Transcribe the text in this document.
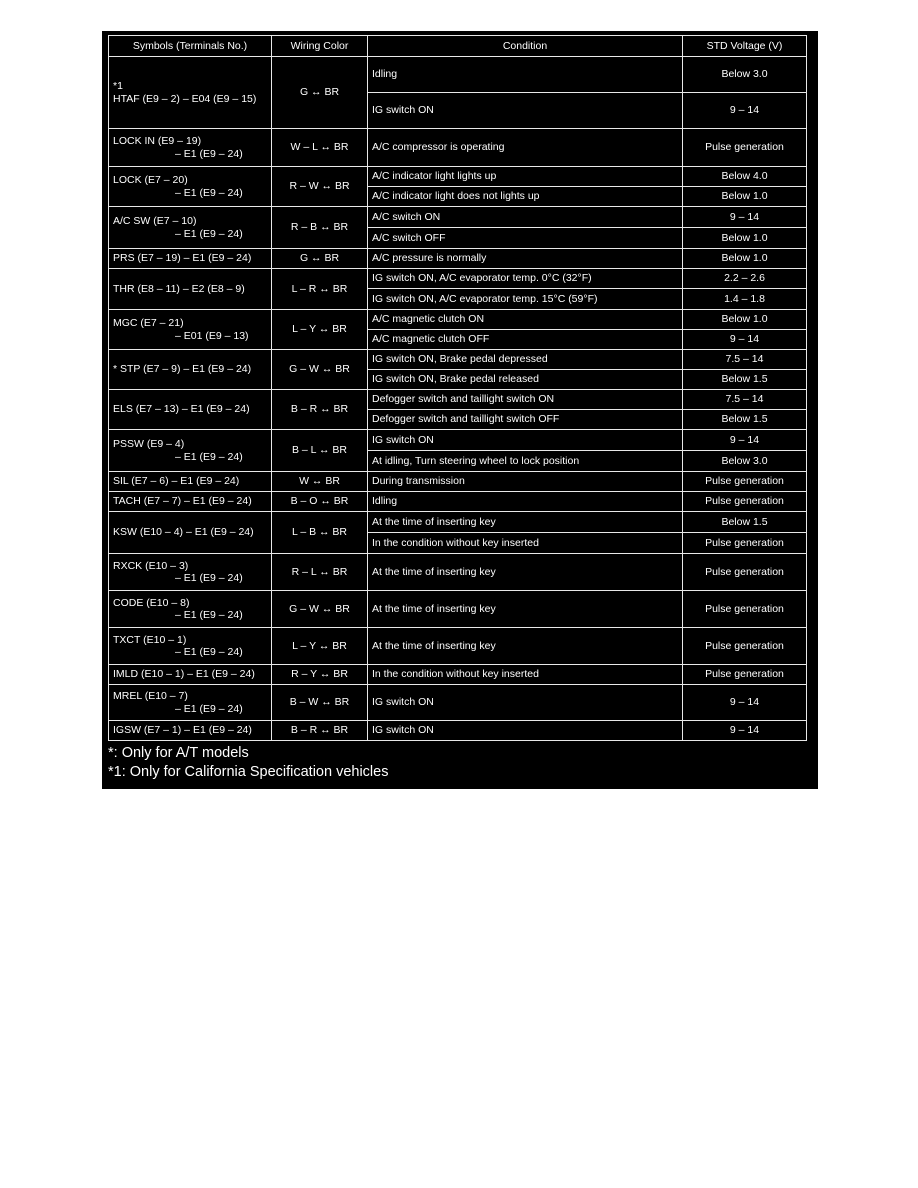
Symbols (Terminals No.)	Wiring Color	Condition	STD Voltage (V)

*1
HTAF (E9 – 2) – E04 (E9 – 15)	G ↔ BR	Idling	Below 3.0
		IG switch ON	9 – 14

LOCK IN (E9 – 19)
– E1 (E9 – 24)	W – L ↔ BR	A/C compressor is operating	Pulse generation

LOCK (E7 – 20)
– E1 (E9 – 24)	R – W ↔ BR	A/C indicator light lights up	Below 4.0
		A/C indicator light does not lights up	Below 1.0

A/C SW (E7 – 10)
– E1 (E9 – 24)	R – B ↔ BR	A/C switch ON	9 – 14
		A/C switch OFF	Below 1.0

PRS (E7 – 19) – E1 (E9 – 24)	G ↔ BR	A/C pressure is normally	Below 1.0

THR (E8 – 11) – E2 (E8 – 9)	L – R ↔ BR	IG switch ON, A/C evaporator temp. 0°C (32°F)	2.2 – 2.6
		IG switch ON, A/C evaporator temp. 15°C (59°F)	1.4 – 1.8

MGC (E7 – 21)
– E01 (E9 – 13)	L – Y ↔ BR	A/C magnetic clutch ON	Below 1.0
		A/C magnetic clutch OFF	9 – 14

* STP (E7 – 9) – E1 (E9 – 24)	G – W ↔ BR	IG switch ON, Brake pedal depressed	7.5 – 14
		IG switch ON, Brake pedal released	Below 1.5

ELS (E7 – 13) – E1 (E9 – 24)	B – R ↔ BR	Defogger switch and taillight switch ON	7.5 – 14
		Defogger switch and taillight switch OFF	Below 1.5

PSSW (E9 – 4)
– E1 (E9 – 24)	B – L ↔ BR	IG switch ON	9 – 14
		At idling, Turn steering wheel to lock position	Below 3.0

SIL (E7 – 6) – E1 (E9 – 24)	W ↔ BR	During transmission	Pulse generation

TACH (E7 – 7) – E1 (E9 – 24)	B – O ↔ BR	Idling	Pulse generation

KSW (E10 – 4) – E1 (E9 – 24)	L – B ↔ BR	At the time of inserting key	Below 1.5
		In the condition without key inserted	Pulse generation

RXCK (E10 – 3)
– E1 (E9 – 24)	R – L ↔ BR	At the time of inserting key	Pulse generation

CODE (E10 – 8)
– E1 (E9 – 24)	G – W ↔ BR	At the time of inserting key	Pulse generation

TXCT (E10 – 1)
– E1 (E9 – 24)	L – Y ↔ BR	At the time of inserting key	Pulse generation

IMLD (E10 – 1) – E1 (E9 – 24)	R – Y ↔ BR	In the condition without key inserted	Pulse generation

MREL (E10 – 7)
– E1 (E9 – 24)	B – W ↔ BR	IG switch ON	9 – 14

IGSW (E7 – 1) – E1 (E9 – 24)	B – R ↔ BR	IG switch ON	9 – 14
*: Only for A/T models
*1: Only for California Specification vehicles
